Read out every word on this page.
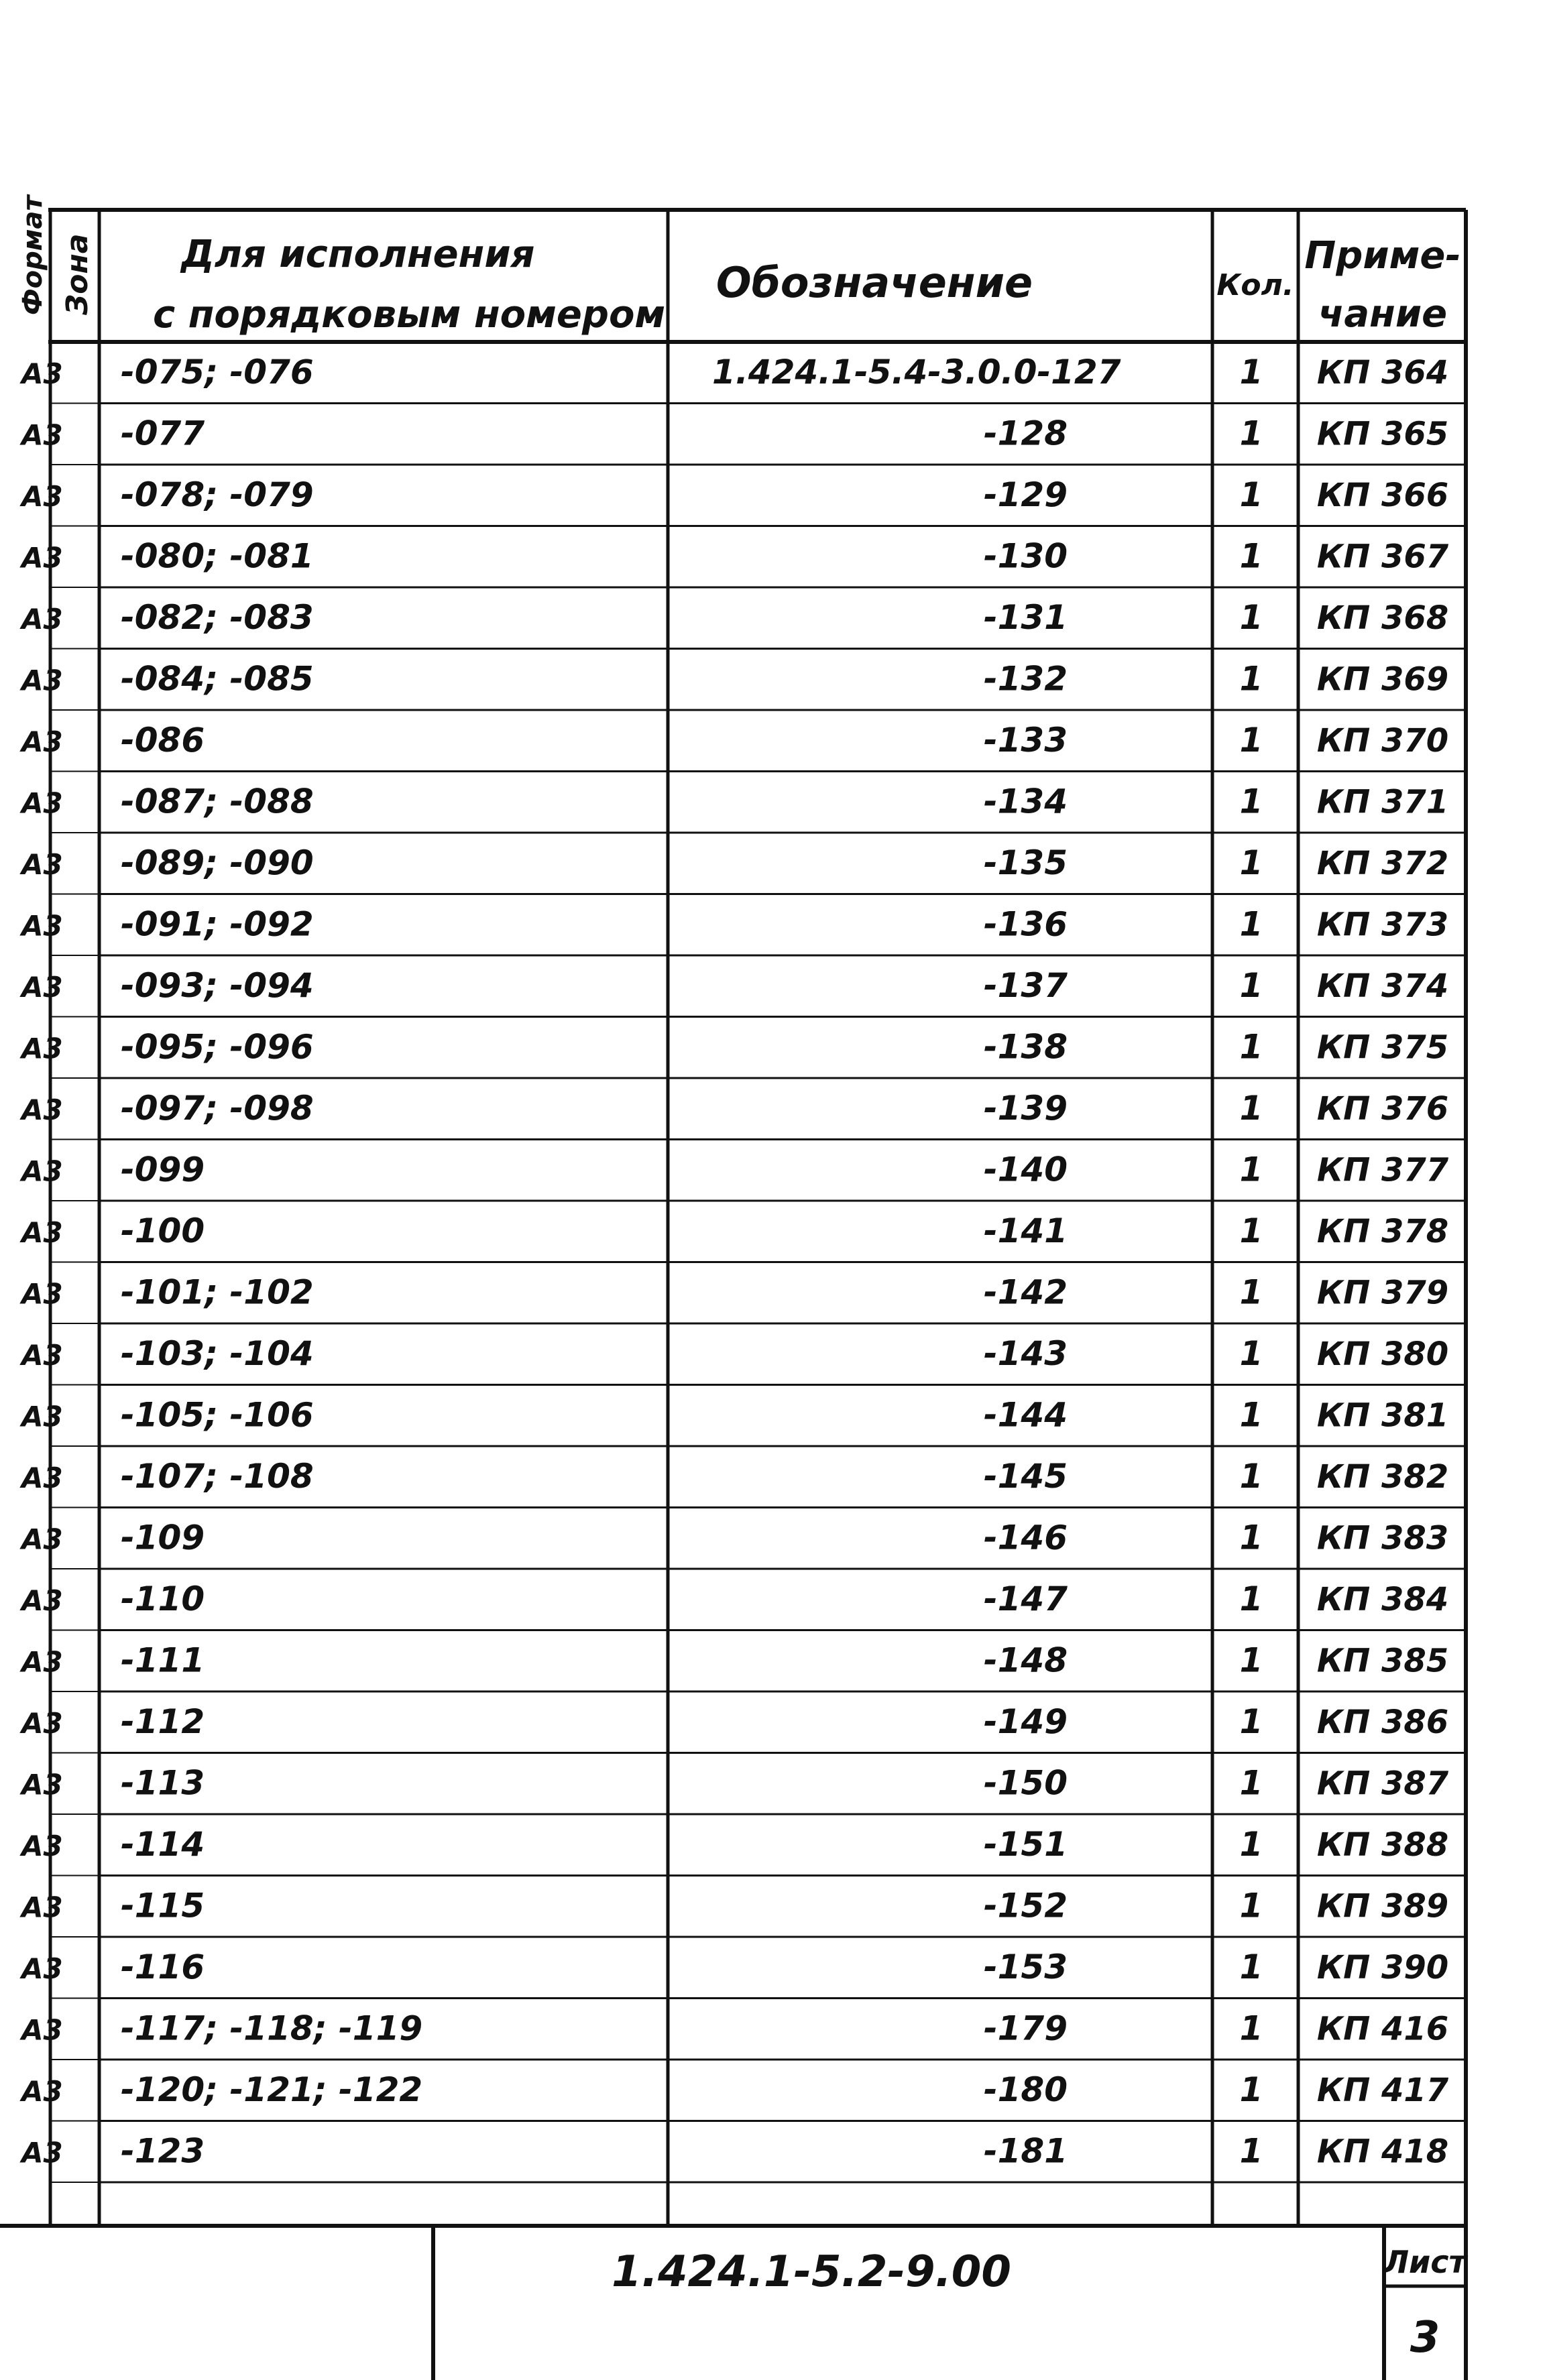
Формат Зона Для исполнения
с порядковым номером
Обозначение	Кол.
Приме-
чание
А3 -075; -076	1.424.1-5.4-3.0.0-127	1 КП 364
А3 -077	-128	1 КП 365
А3 -078; -079	-129	1 КП 366
А3 -080; -081	-130	1 КП 367
А3 -082; -083	-131	1 КП 368
А3 -084; -085	-132	1 КП 369
А3 -086	-133	1 КП 370
А3 -087; -088	-134	1 КП 371
А3 -089; -090	-135	1 КП 372
А3 -091; -092	-136	1 КП 373
А3 -093; -094	-137	1 КП 374
А3 -095; -096	-138	1 КП 375
А3 -097; -098	-139	1 КП 376
А3 -099	-140	1 КП 377
А3 -100	-141	1 КП 378
А3 -101; -102	-142	1 КП 379
А3 -103; -104	-143	1 КП 380
А3 -105; -106	-144	1 КП 381
А3 -107; -108	-145	1 КП 382
А3 -109	-146	1 КП 383
А3 -110	-147	1 КП 384
А3 -111	-148	1 КП 385
А3 -112	-149	1 КП 386
А3 -113	-150	1 КП 387
А3 -114	-151	1 КП 388
А3 -115	-152	1 КП 389
А3 -116	-153	1 КП 390
А3 -117; -118; -119	-179	1 КП 416
А3 -120; -121; -122	-180	1 КП 417
А3 -123	-181	1 КП 418
1.424.1-5.2-9.00	Лист
3
